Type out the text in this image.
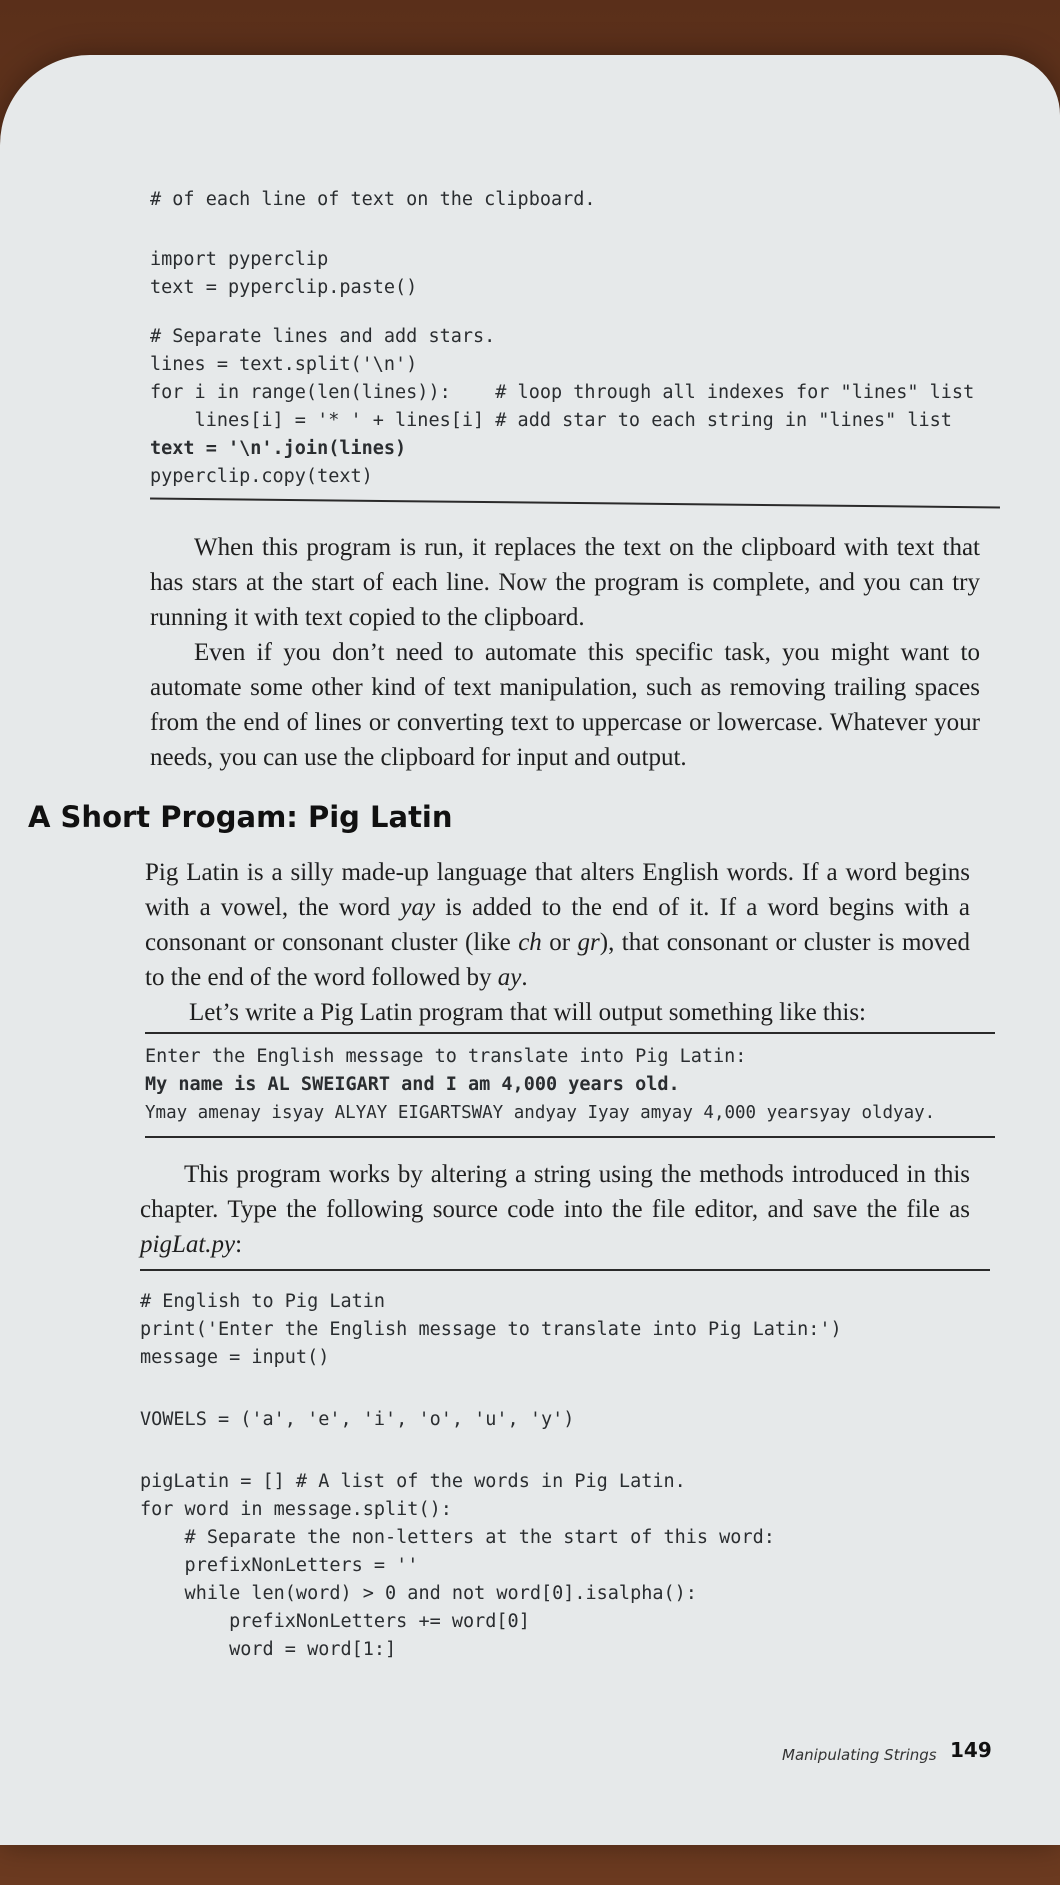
# of each line of text on the clipboard.
import pyperclip
text = pyperclip.paste()
# Separate lines and add stars.
lines = text.split('\n')
for i in range(len(lines)):    # loop through all indexes for "lines" list
lines[i] = '* ' + lines[i] # add star to each string in "lines" list
text = '\n'.join(lines)
pyperclip.copy(text)

When this program is run, it replaces the text on the clipboard with text that has stars at the start of each line. Now the program is complete, and you can try running it with text copied to the clipboard.

Even if you don’t need to automate this specific task, you might want to automate some other kind of text manipulation, such as removing trailing spaces from the end of lines or converting text to uppercase or lowercase. Whatever your needs, you can use the clipboard for input and output.

A Short Progam: Pig Latin

Pig Latin is a silly made-up language that alters English words. If a word begins with a vowel, the word yay is added to the end of it. If a word begins with a consonant or consonant cluster (like ch or gr), that consonant or cluster is moved to the end of the word followed by ay.

Let’s write a Pig Latin program that will output something like this:

Enter the English message to translate into Pig Latin:
My name is AL SWEIGART and I am 4,000 years old.
Ymay amenay isyay ALYAY EIGARTSWAY andyay Iyay amyay 4,000 yearsyay oldyay.

This program works by altering a string using the methods introduced in this chapter. Type the following source code into the file editor, and save the file as pigLat.py:

# English to Pig Latin
print('Enter the English message to translate into Pig Latin:')
message = input()
VOWELS = ('a', 'e', 'i', 'o', 'u', 'y')
pigLatin = [] # A list of the words in Pig Latin.
for word in message.split():
# Separate the non-letters at the start of this word:
prefixNonLetters = ''
while len(word) > 0 and not word[0].isalpha():
prefixNonLetters += word[0]
word = word[1:]
Manipulating Strings 149
